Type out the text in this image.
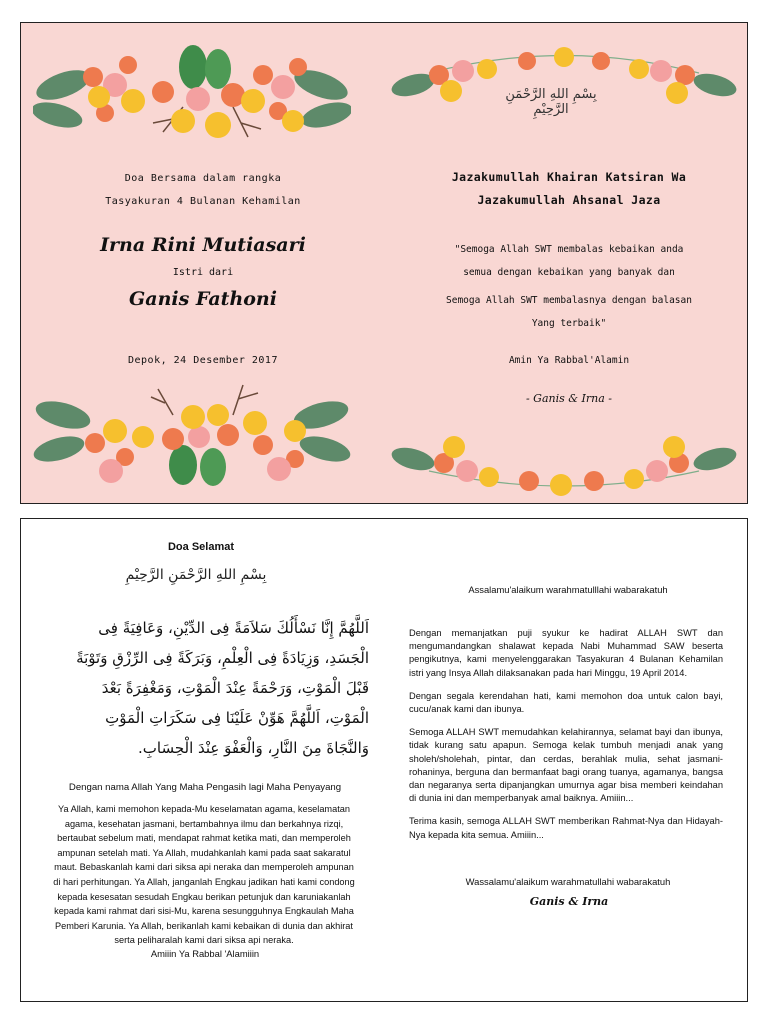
Doa Bersama dalam rangka
Tasyakuran 4 Bulanan Kehamilan
Irna Rini Mutiasari
Istri dari
Ganis Fathoni
Depok, 24 Desember 2017
بِسْمِ اللهِ الرَّحْمَنِ الرَّحِيْمِ
Jazakumullah Khairan Katsiran Wa
Jazakumullah Ahsanal Jaza
"Semoga Allah SWT membalas kebaikan anda
semua dengan kebaikan yang banyak dan
Semoga Allah SWT membalasnya dengan balasan
Yang terbaik"
Amin Ya Rabbal'Alamin
- Ganis & Irna -
Doa Selamat
بِسْمِ اللهِ الرَّحْمَنِ الرَّحِيْمِ
اَللَّهُمَّ إِنَّا نَسْأَلُكَ سَلاَمَةً فِى الدِّيْنِ، وَعَافِيَةً فِى
الْجَسَدِ، وَزِيَادَةً فِى الْعِلْمِ، وَبَرَكَةً فِى الرِّزْقِ وَتَوْبَةً
قَبْلَ الْمَوْتِ، وَرَحْمَةً عِنْدَ الْمَوْتِ، وَمَغْفِرَةً بَعْدَ
الْمَوْتِ، اَللَّهُمَّ هَوِّنْ عَلَيْنَا فِى سَكَرَاتِ الْمَوْتِ
وَالنَّجَاةَ مِنَ النَّارِ، وَالْعَفْوَ عِنْدَ الْحِسَابِ.
Dengan nama Allah Yang Maha Pengasih lagi Maha Penyayang
Ya Allah, kami memohon kepada-Mu keselamatan agama, keselamatan
agama, kesehatan jasmani, bertambahnya ilmu dan berkahnya rizqi,
bertaubat sebelum mati, mendapat rahmat ketika mati, dan memperoleh
ampunan setelah mati. Ya Allah, mudahkanlah kami pada saat sakaratul
maut. Bebaskanlah kami dari siksa api neraka dan memperoleh ampunan
di hari perhitungan. Ya Allah, janganlah Engkau jadikan hati kami condong
kepada kesesatan sesudah Engkau berikan petunjuk dan karuniakanlah
kepada kami rahmat dari sisi-Mu, karena sesungguhnya Engkaulah Maha
Pemberi Karunia. Ya Allah, berikanlah kami kebaikan di dunia dan akhirat
serta peliharalah kami dari siksa api neraka.
Amiiin Ya Rabbal 'Alamiiin
Assalamu'alaikum warahmatulllahi wabarakatuh

Dengan memanjatkan puji syukur ke hadirat ALLAH SWT dan mengumandangkan shalawat kepada Nabi Muhammad SAW beserta pengikutnya, kami menyelenggarakan Tasyakuran 4 Bulanan Kehamilan istri yang Insya Allah dilaksanakan pada hari Minggu, 19 April 2014.

Dengan segala kerendahan hati, kami memohon doa untuk calon bayi, cucu/anak kami dan ibunya.

Semoga ALLAH SWT memudahkan kelahirannya, selamat bayi dan ibunya, tidak kurang satu apapun. Semoga kelak tumbuh menjadi anak yang sholeh/sholehah, pintar, dan cerdas, berahlak mulia, sehat jasmani-rohaninya, berguna dan bermanfaat bagi orang tuanya, agamanya, bangsa dan negaranya serta dipanjangkan umurnya agar bisa memberi keindahan di dunia ini dan memperbanyak amal baiknya. Amiiin...

Terima kasih, semoga ALLAH SWT memberikan Rahmat-Nya dan Hidayah-Nya kepada kita semua. Amiiin...

Wassalamu'alaikum warahmatullahi wabarakatuh
Ganis & Irna
